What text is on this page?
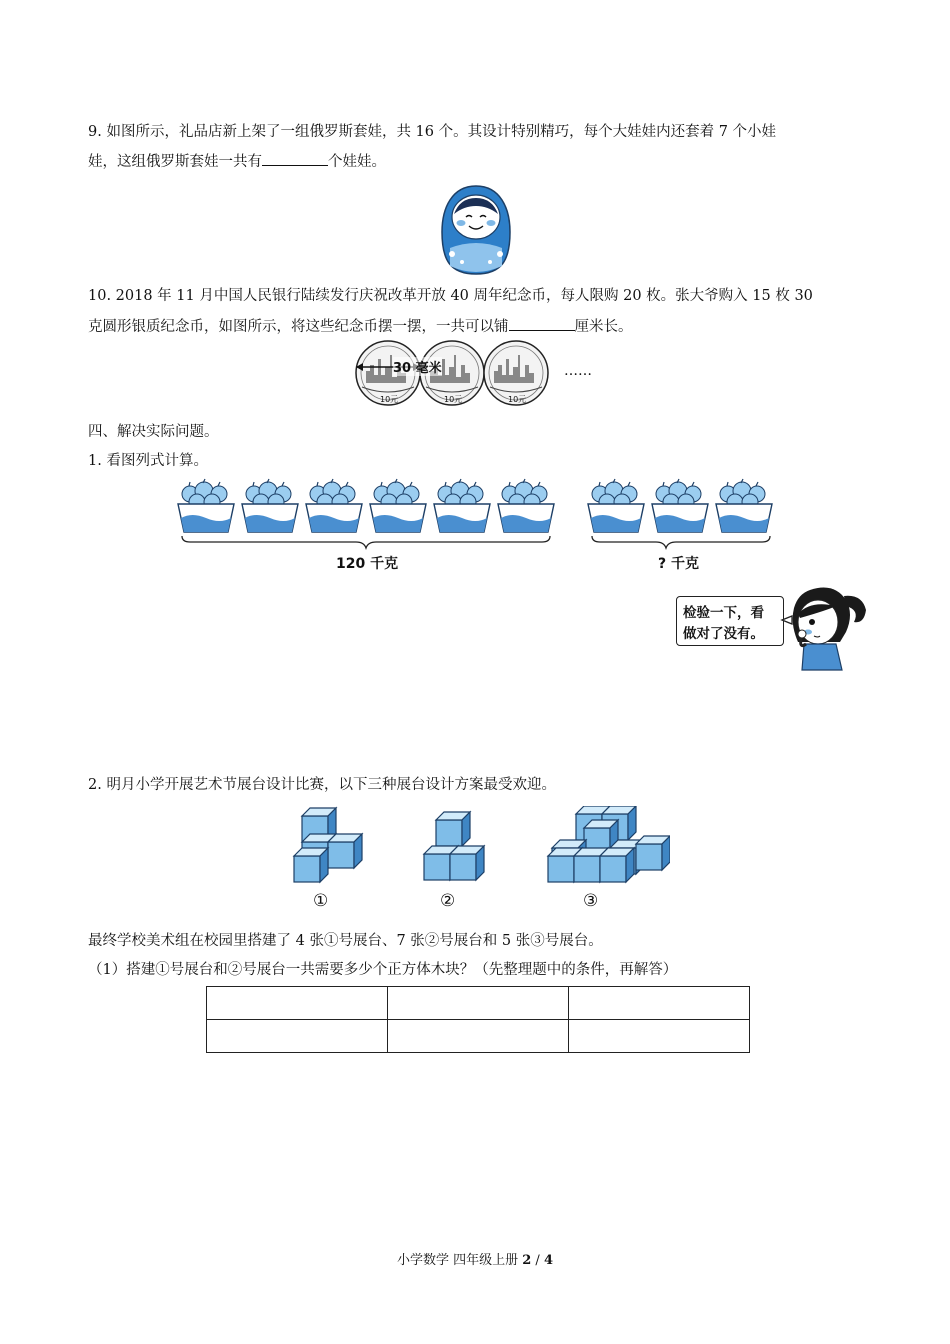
9. 如图所示，礼品店新上架了一组俄罗斯套娃，共 16 个。其设计特别精巧，每个大娃娃内还套着 7 个小娃
娃，这组俄罗斯套娃一共有	个娃娃。
10. 2018 年 11 月中国人民银行陆续发行庆祝改革开放 40 周年纪念币，每人限购 20 枚。张大爷购入 15 枚 30
克圆形银质纪念币，如图所示，将这些纪念币摆一摆，一共可以铺	厘米长。
30 毫米
10元	10元	10元
……
四、解决实际问题。
1. 看图列式计算。
120 千克	? 千克
检验一下，看
做对了没有。
2. 明月小学开展艺术节展台设计比赛，以下三种展台设计方案最受欢迎。
①	②	③
最终学校美术组在校园里搭建了 4 张①号展台、7 张②号展台和 5 张③号展台。
（1）搭建①号展台和②号展台一共需要多少个正方体木块？（先整理题中的条件，再解答）

小学数学 四年级上册 2 / 4
